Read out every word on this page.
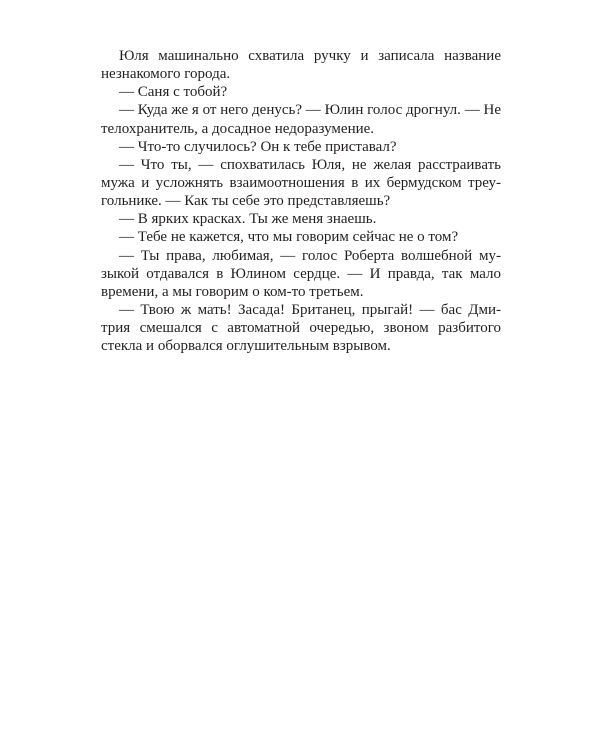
Юля машинально схватила ручку и записала название
незнакомого города.
— Саня с тобой?
— Куда же я от него денусь? — Юлин голос дрогнул. — Не
телохранитель, а досадное недоразумение.
— Что-то случилось? Он к тебе приставал?
— Что ты, — спохватилась Юля, не желая расстраивать
мужа и усложнять взаимоотношения в их бермудском треу-
гольнике. — Как ты себе это представляешь?
— В ярких красках. Ты же меня знаешь.
— Тебе не кажется, что мы говорим сейчас не о том?
— Ты права, любимая, — голос Роберта волшебной му-
зыкой отдавался в Юлином сердце. — И правда, так мало
времени, а мы говорим о ком-то третьем.
— Твою ж мать! Засада! Британец, прыгай! — бас Дми-
трия смешался с автоматной очередью, звоном разбитого
стекла и оборвался оглушительным взрывом.
